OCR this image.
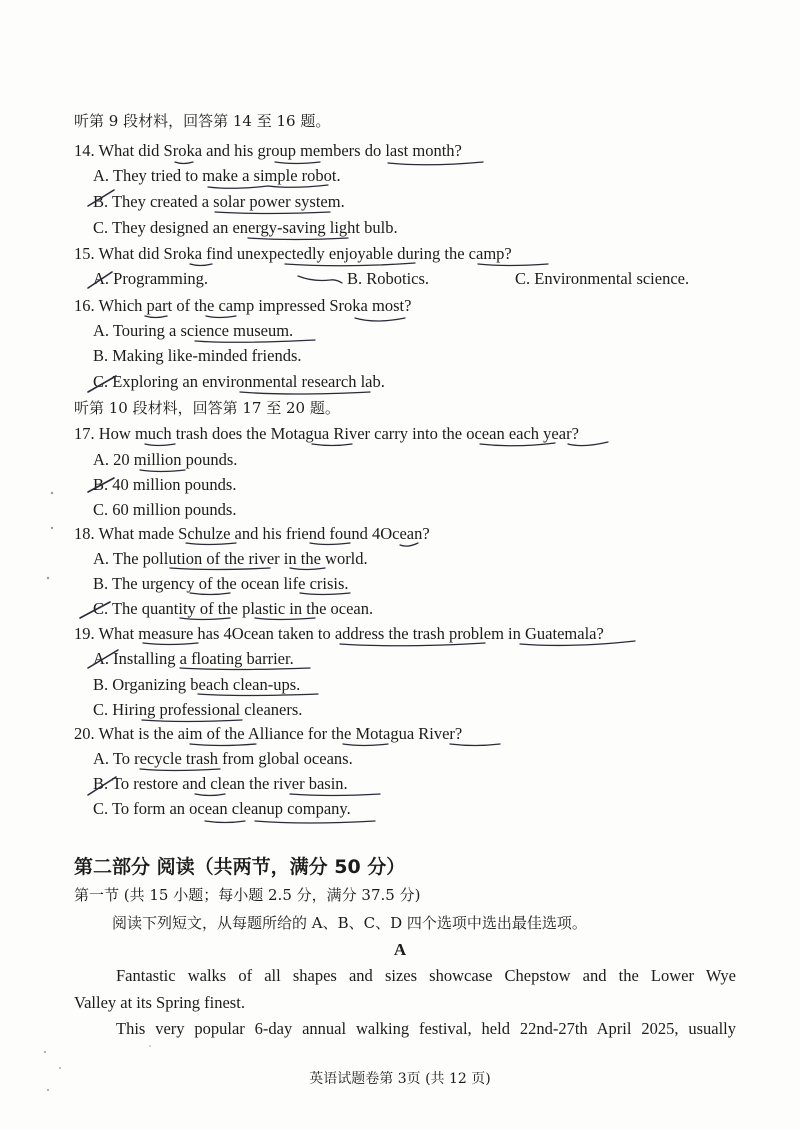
听第 9 段材料，回答第 14 至 16 题。
14. What did Sroka and his group members do last month?
A. They tried to make a simple robot.
B. They created a solar power system.
C. They designed an energy-saving light bulb.
15. What did Sroka find unexpectedly enjoyable during the camp?
A. Programming.	B. Robotics.	C. Environmental science.
16. Which part of the camp impressed Sroka most?
A. Touring a science museum.
B. Making like-minded friends.
C. Exploring an environmental research lab.
听第 10 段材料，回答第 17 至 20 题。
17. How much trash does the Motagua River carry into the ocean each year?
A. 20 million pounds.
B. 40 million pounds.
C. 60 million pounds.
18. What made Schulze and his friend found 4Ocean?
A. The pollution of the river in the world.
B. The urgency of the ocean life crisis.
C. The quantity of the plastic in the ocean.
19. What measure has 4Ocean taken to address the trash problem in Guatemala?
A. Installing a floating barrier.
B. Organizing beach clean-ups.
C. Hiring professional cleaners.
20. What is the aim of the Alliance for the Motagua River?
A. To recycle trash from global oceans.
B. To restore and clean the river basin.
C. To form an ocean cleanup company.
第二部分 阅读（共两节，满分 50 分）
第一节 (共 15 小题；每小题 2.5 分，满分 37.5 分)
阅读下列短文，从每题所给的 A、B、C、D 四个选项中选出最佳选项。
A
Fantastic walks of all shapes and sizes showcase Chepstow and the Lower Wye
Valley at its Spring finest.
This very popular 6-day annual walking festival, held 22nd-27th April 2025, usually
英语试题卷第 3页 (共 12 页)
